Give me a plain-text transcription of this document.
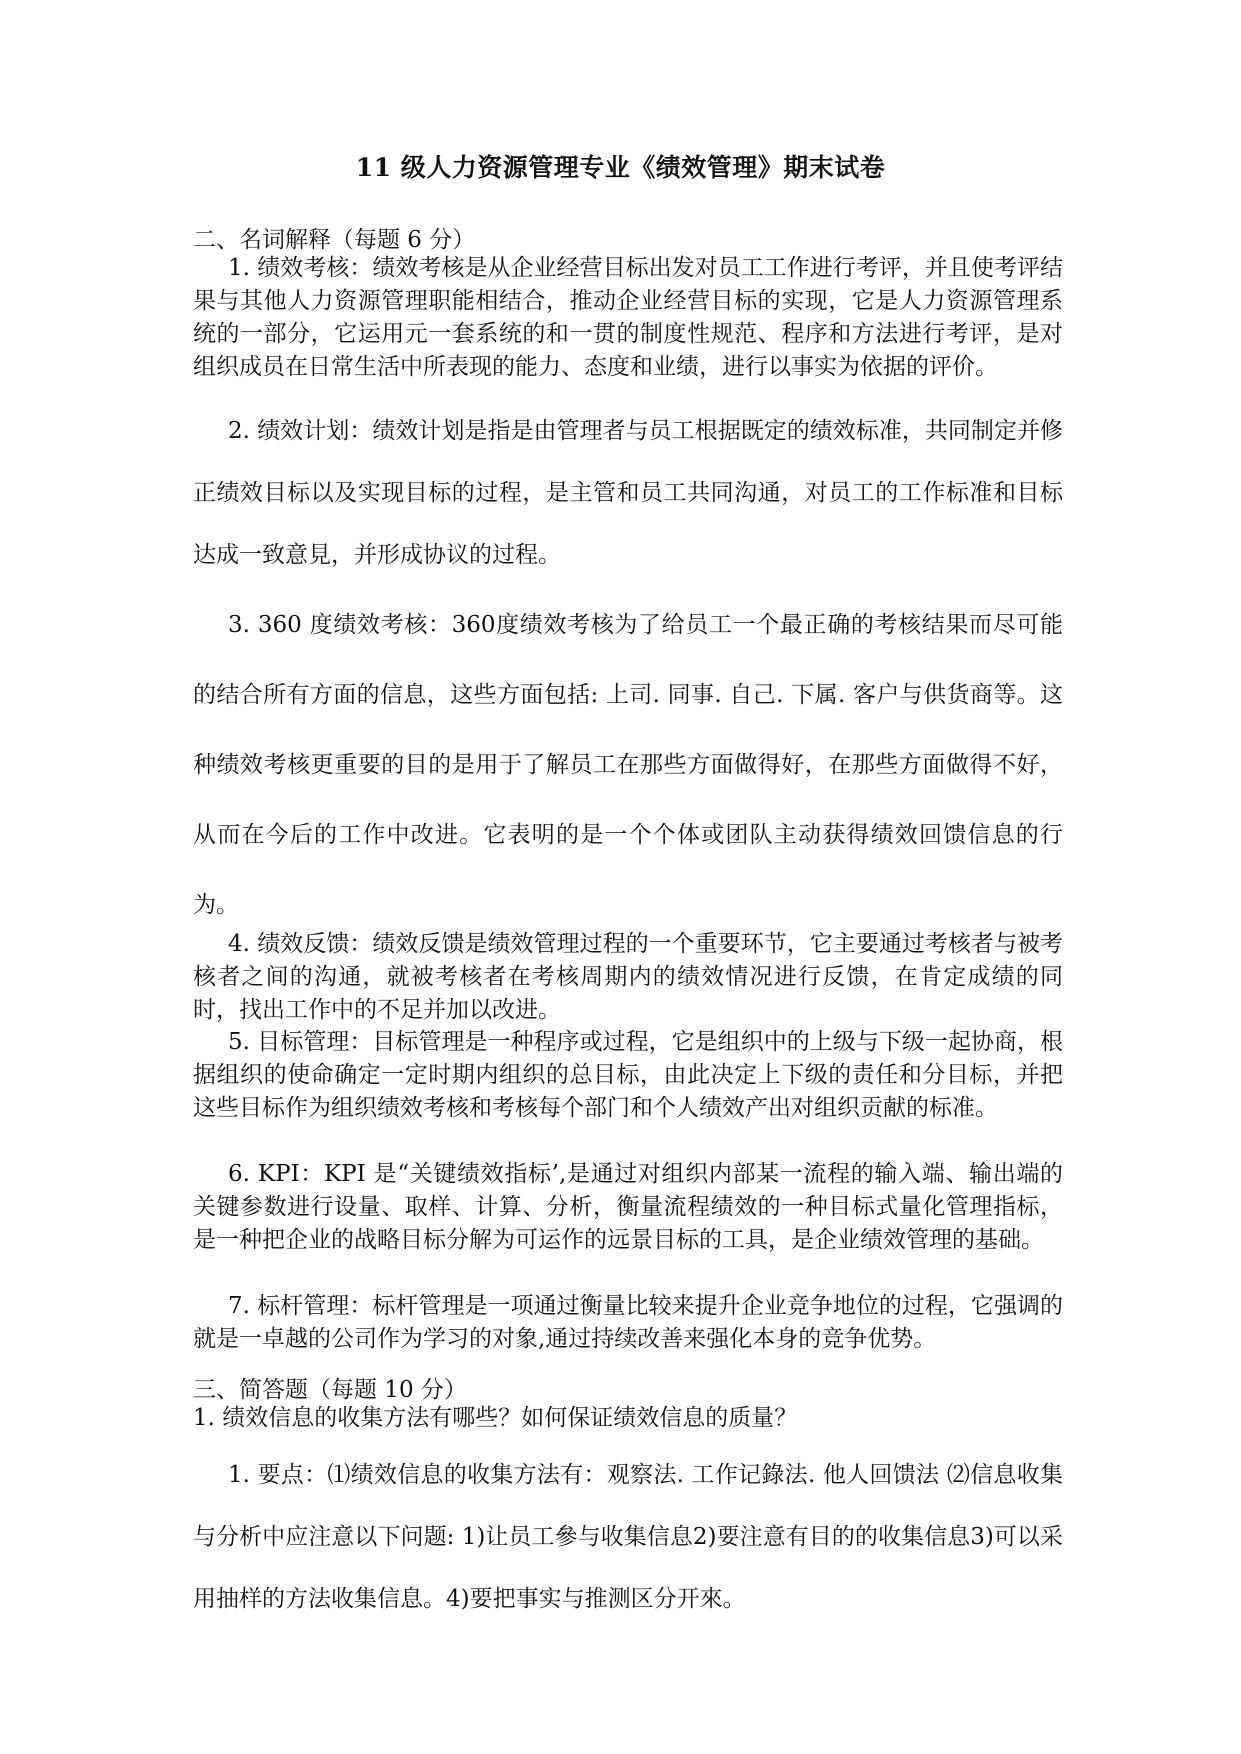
11 级人力资源管理专业《绩效管理》期末试卷
二、名词解释（每题 6 分）
1. 绩效考核：绩效考核是从企业经营目标出发对员工工作进行考评，并且使考评结果与其他人力资源管理职能相结合，推动企业经营目标的实现，它是人力资源管理系统的一部分，它运用元一套系统的和一贯的制度性规范、程序和方法进行考评，是对组织成员在日常生活中所表现的能力、态度和业绩，进行以事实为依据的评价。
2. 绩效计划：绩效计划是指是由管理者与员工根据既定的绩效标准，共同制定并修正绩效目标以及实现目标的过程，是主管和员工共同沟通，对员工的工作标准和目标达成一致意見，并形成协议的过程。
3. 360 度绩效考核：360度绩效考核为了给员工一个最正确的考核结果而尽可能的结合所有方面的信息，这些方面包括: 上司. 同事. 自己. 下属. 客户与供货商等。这种绩效考核更重要的目的是用于了解员工在那些方面做得好，在那些方面做得不好，从而在今后的工作中改进。它表明的是一个个体或团队主动获得绩效回馈信息的行为。
4. 绩效反馈：绩效反馈是绩效管理过程的一个重要环节，它主要通过考核者与被考核者之间的沟通，就被考核者在考核周期内的绩效情况进行反馈，在肯定成绩的同时，找出工作中的不足并加以改进。
5. 目标管理：目标管理是一种程序或过程，它是组织中的上级与下级一起协商，根据组织的使命确定一定时期内组织的总目标，由此决定上下级的责任和分目标，并把这些目标作为组织绩效考核和考核每个部门和个人绩效产出对组织贡献的标准。
6. KPI：KPI 是“关键绩效指标’,是通过对组织内部某一流程的输入端、输出端的关键参数进行设量、取样、计算、分析，衡量流程绩效的一种目标式量化管理指标，是一种把企业的战略目标分解为可运作的远景目标的工具，是企业绩效管理的基础。
7. 标杆管理：标杆管理是一项通过衡量比较来提升企业竞争地位的过程，它强调的就是一卓越的公司作为学习的对象,通过持续改善来强化本身的竞争优势。
三、简答题（每题 10 分）
1. 绩效信息的收集方法有哪些？如何保证绩效信息的质量？
1. 要点：⑴绩效信息的收集方法有：观察法. 工作记錄法. 他人回馈法 ⑵信息收集与分析中应注意以下问题: 1)让员工參与收集信息2)要注意有目的的收集信息3)可以采用抽样的方法收集信息。4)要把事实与推测区分开來。
